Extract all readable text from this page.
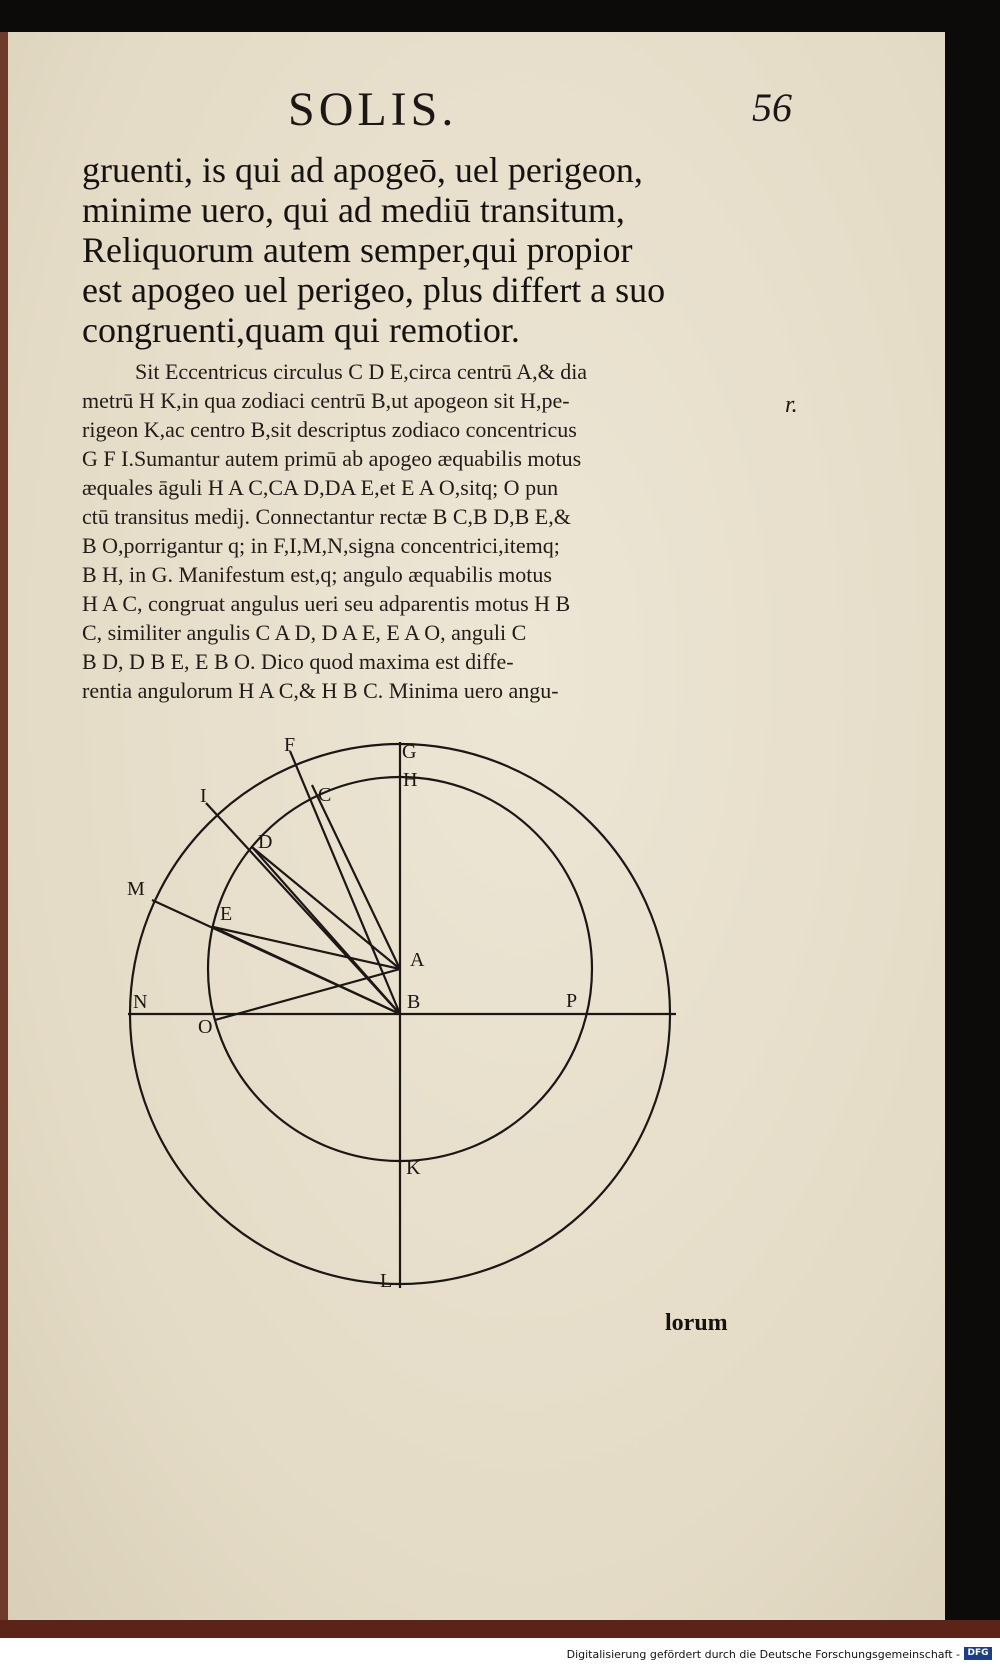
SOLIS.	56
r.
gruenti, is qui ad apogeō, uel perigeon,
minime uero, qui ad mediū transitum,
Reliquorum autem semper,qui propior
est apogeo uel perigeo, plus differt a suo
congruenti,quam qui remotior.
Sit Eccentricus circulus C D E,circa centrū A,& dia
metrū H K,in qua zodiaci centrū B,ut apogeon sit H,pe-
rigeon K,ac centro B,sit descriptus zodiaco concentricus
G F I.Sumantur autem primū ab apogeo æquabilis motus
æquales āguli H A C,CA D,DA E,et E A O,sitq; O pun
ctū transitus medij. Connectantur rectæ B C,B D,B E,&
B O,porrigantur q; in F,I,M,N,signa concentrici,itemq;
B H, in G. Manifestum est,q; angulo æquabilis motus
H A C, congruat angulus ueri seu adparentis motus H B
C, similiter angulis C A D, D A E, E A O, anguli C
B D, D B E, E B O. Dico quod maxima est diffe-
rentia angulorum H A C,& H B C. Minima uero angu-
F	G
H
C
I
D
M
E
A
N	B	P
O
K
L
lorum
Digitalisierung gefördert durch die Deutsche Forschungsgemeinschaft - DFG
